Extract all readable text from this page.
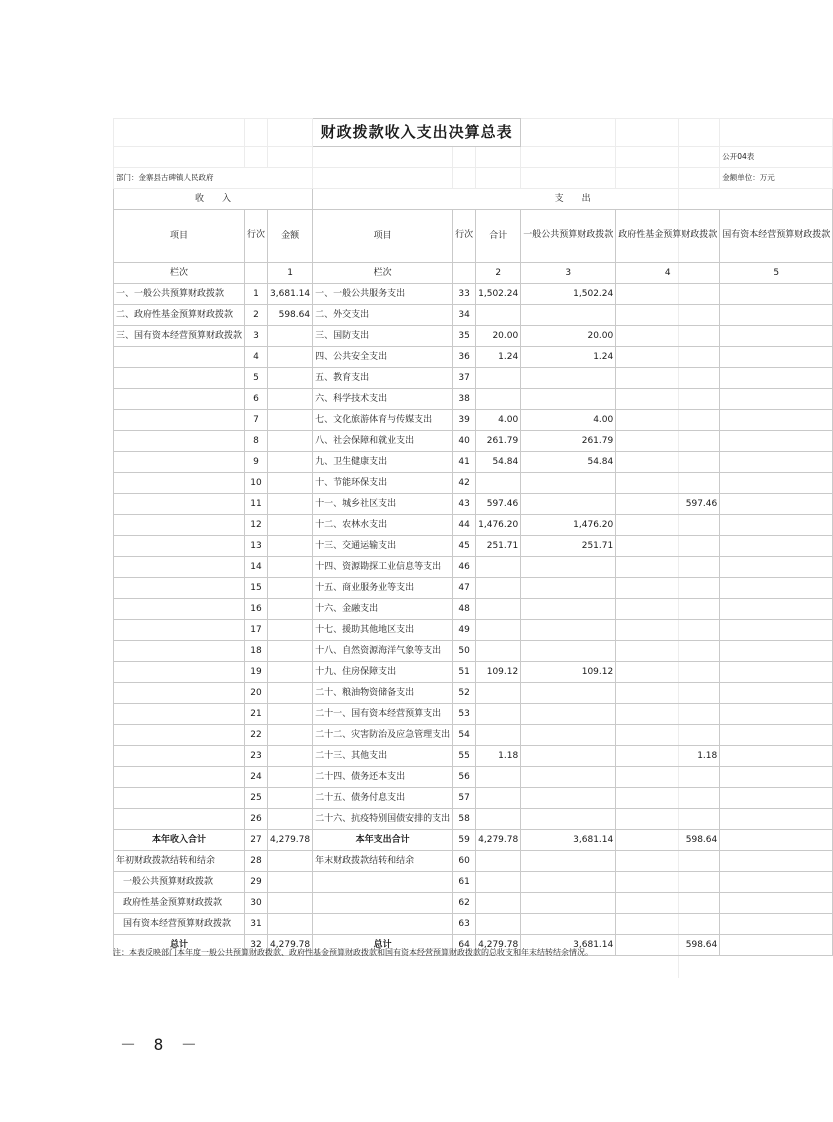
			财政拨款收入支出决算总表					
								公开04表
部门：金寨县古碑镇人民政府								金额单位：万元
收　　入			支　　出					
项目	行次	金额	项目	行次	合计	一般公共预算财政拨款	政府性基金预算财政拨款	国有资本经营预算财政拨款
栏次		1	栏次		2	3	4	5
一、一般公共预算财政拨款	1	3,681.14	一、一般公共服务支出	33	1,502.24	1,502.24		
二、政府性基金预算财政拨款	2	598.64	二、外交支出	34				
三、国有资本经营预算财政拨款	3		三、国防支出	35	20.00	20.00		
	4		四、公共安全支出	36	1.24	1.24		
	5		五、教育支出	37				
	6		六、科学技术支出	38				
	7		七、文化旅游体育与传媒支出	39	4.00	4.00		
	8		八、社会保障和就业支出	40	261.79	261.79		
	9		九、卫生健康支出	41	54.84	54.84		
	10		十、节能环保支出	42				
	11		十一、城乡社区支出	43	597.46		597.46	
	12		十二、农林水支出	44	1,476.20	1,476.20		
	13		十三、交通运输支出	45	251.71	251.71		
	14		十四、资源勘探工业信息等支出	46				
	15		十五、商业服务业等支出	47				
	16		十六、金融支出	48				
	17		十七、援助其他地区支出	49				
	18		十八、自然资源海洋气象等支出	50				
	19		十九、住房保障支出	51	109.12	109.12		
	20		二十、粮油物资储备支出	52				
	21		二十一、国有资本经营预算支出	53				
	22		二十二、灾害防治及应急管理支出	54				
	23		二十三、其他支出	55	1.18		1.18	
	24		二十四、债务还本支出	56				
	25		二十五、债务付息支出	57				
	26		二十六、抗疫特别国债安排的支出	58				
本年收入合计	27	4,279.78	本年支出合计	59	4,279.78	3,681.14	598.64	
年初财政拨款结转和结余	28		年末财政拨款结转和结余	60				
一般公共预算财政拨款	29			61				
政府性基金预算财政拨款	30			62				
国有资本经营预算财政拨款	31			63				
总计	32	4,279.78	总计	64	4,279.78	3,681.14	598.64	
注：本表反映部门本年度一般公共预算财政拨款、政府性基金预算财政拨款和国有资本经营预算财政拨款的总收支和年末结转结余情况。
－ 8 －
